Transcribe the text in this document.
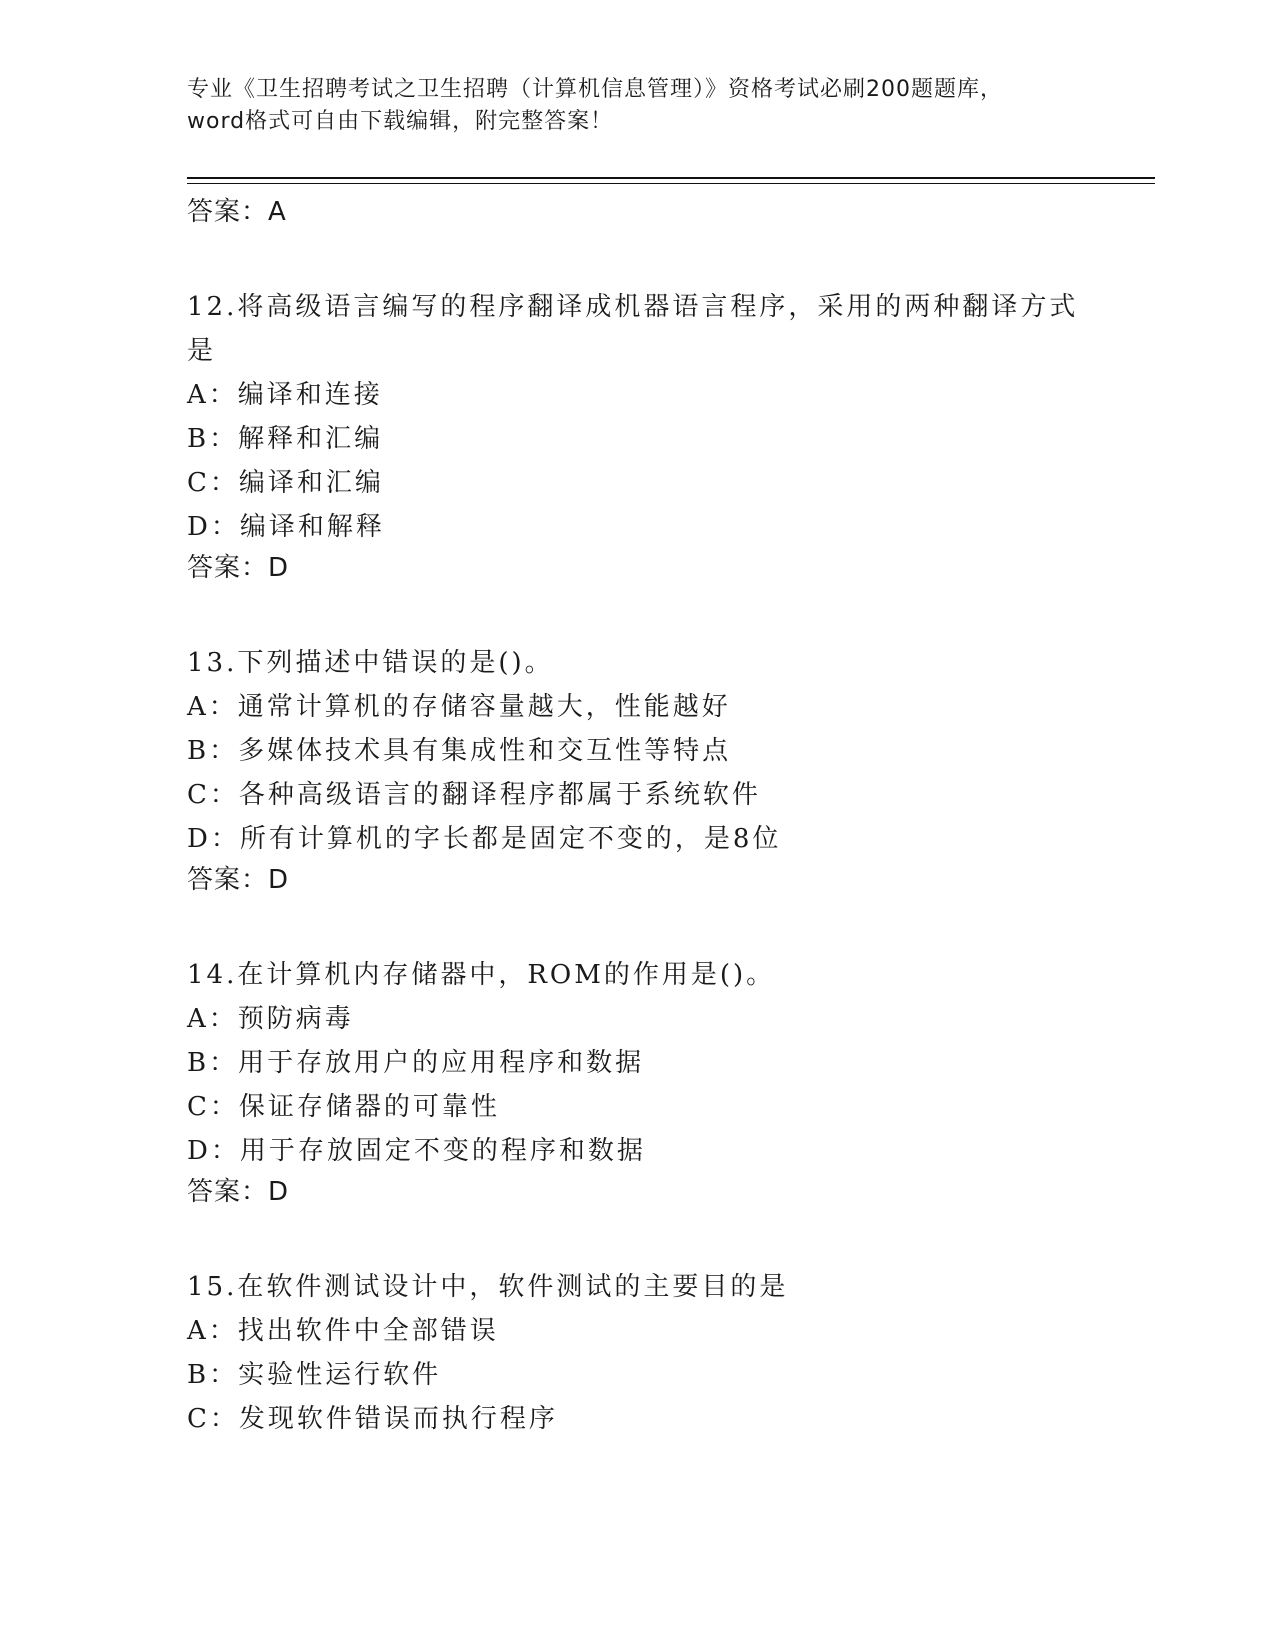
专业《卫生招聘考试之卫生招聘（计算机信息管理）》资格考试必刷200题题库，
word格式可自由下载编辑，附完整答案！
答案：A
12.将高级语言编写的程序翻译成机器语言程序，采用的两种翻译方式是
A：编译和连接
B：解释和汇编
C：编译和汇编
D：编译和解释
答案：D
13.下列描述中错误的是()。
A：通常计算机的存储容量越大，性能越好
B：多媒体技术具有集成性和交互性等特点
C：各种高级语言的翻译程序都属于系统软件
D：所有计算机的字长都是固定不变的，是8位
答案：D
14.在计算机内存储器中，ROM的作用是()。
A：预防病毒
B：用于存放用户的应用程序和数据
C：保证存储器的可靠性
D：用于存放固定不变的程序和数据
答案：D
15.在软件测试设计中，软件测试的主要目的是
A：找出软件中全部错误
B：实验性运行软件
C：发现软件错误而执行程序
